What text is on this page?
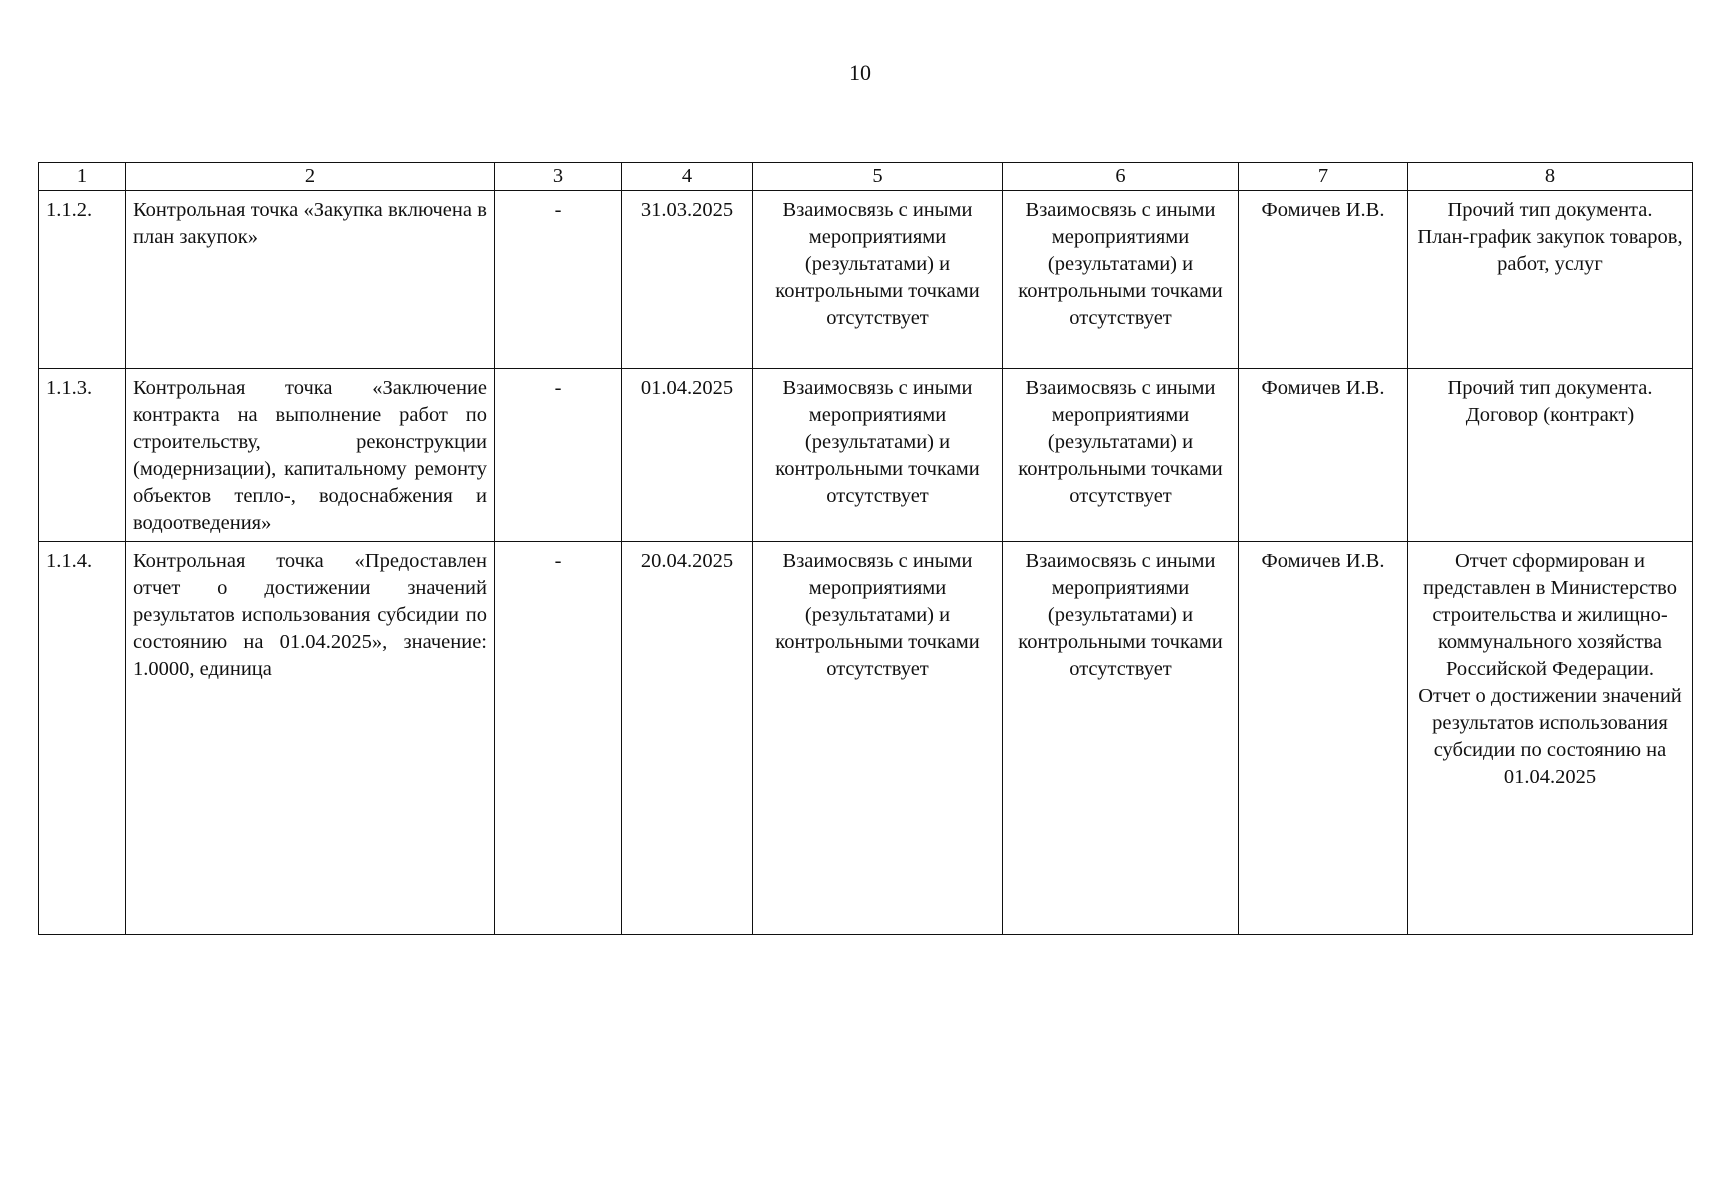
10
1	2	3	4	5	6	7	8
1.1.2.	Контрольная точка «Закупка включена в план закупок»	-	31.03.2025	Взаимосвязь с иными мероприятиями (результатами) и контрольными точками отсутствует	Взаимосвязь с иными мероприятиями (результатами) и контрольными точками отсутствует	Фомичев И.В.	Прочий тип документа.
План-график закупок товаров, работ, услуг

1.1.3.	Контрольная точка «Заключение контракта на выполнение работ по строительству, реконструкции (модернизации), капитальному ремонту объектов тепло-, водоснабжения и водоотведения»	-	01.04.2025	Взаимосвязь с иными мероприятиями (результатами) и контрольными точками отсутствует	Взаимосвязь с иными мероприятиями (результатами) и контрольными точками отсутствует	Фомичев И.В.	Прочий тип документа.
Договор (контракт)

1.1.4.	Контрольная точка «Предоставлен отчет о достижении значений результатов использования субсидии по состоянию на 01.04.2025», значение: 1.0000, единица	-	20.04.2025	Взаимосвязь с иными мероприятиями (результатами) и контрольными точками отсутствует	Взаимосвязь с иными мероприятиями (результатами) и контрольными точками отсутствует	Фомичев И.В.	Отчет сформирован и представлен в Министерство строительства и жилищно-коммунального хозяйства Российской Федерации.
Отчет о достижении значений результатов использования субсидии по состоянию на 01.04.2025
